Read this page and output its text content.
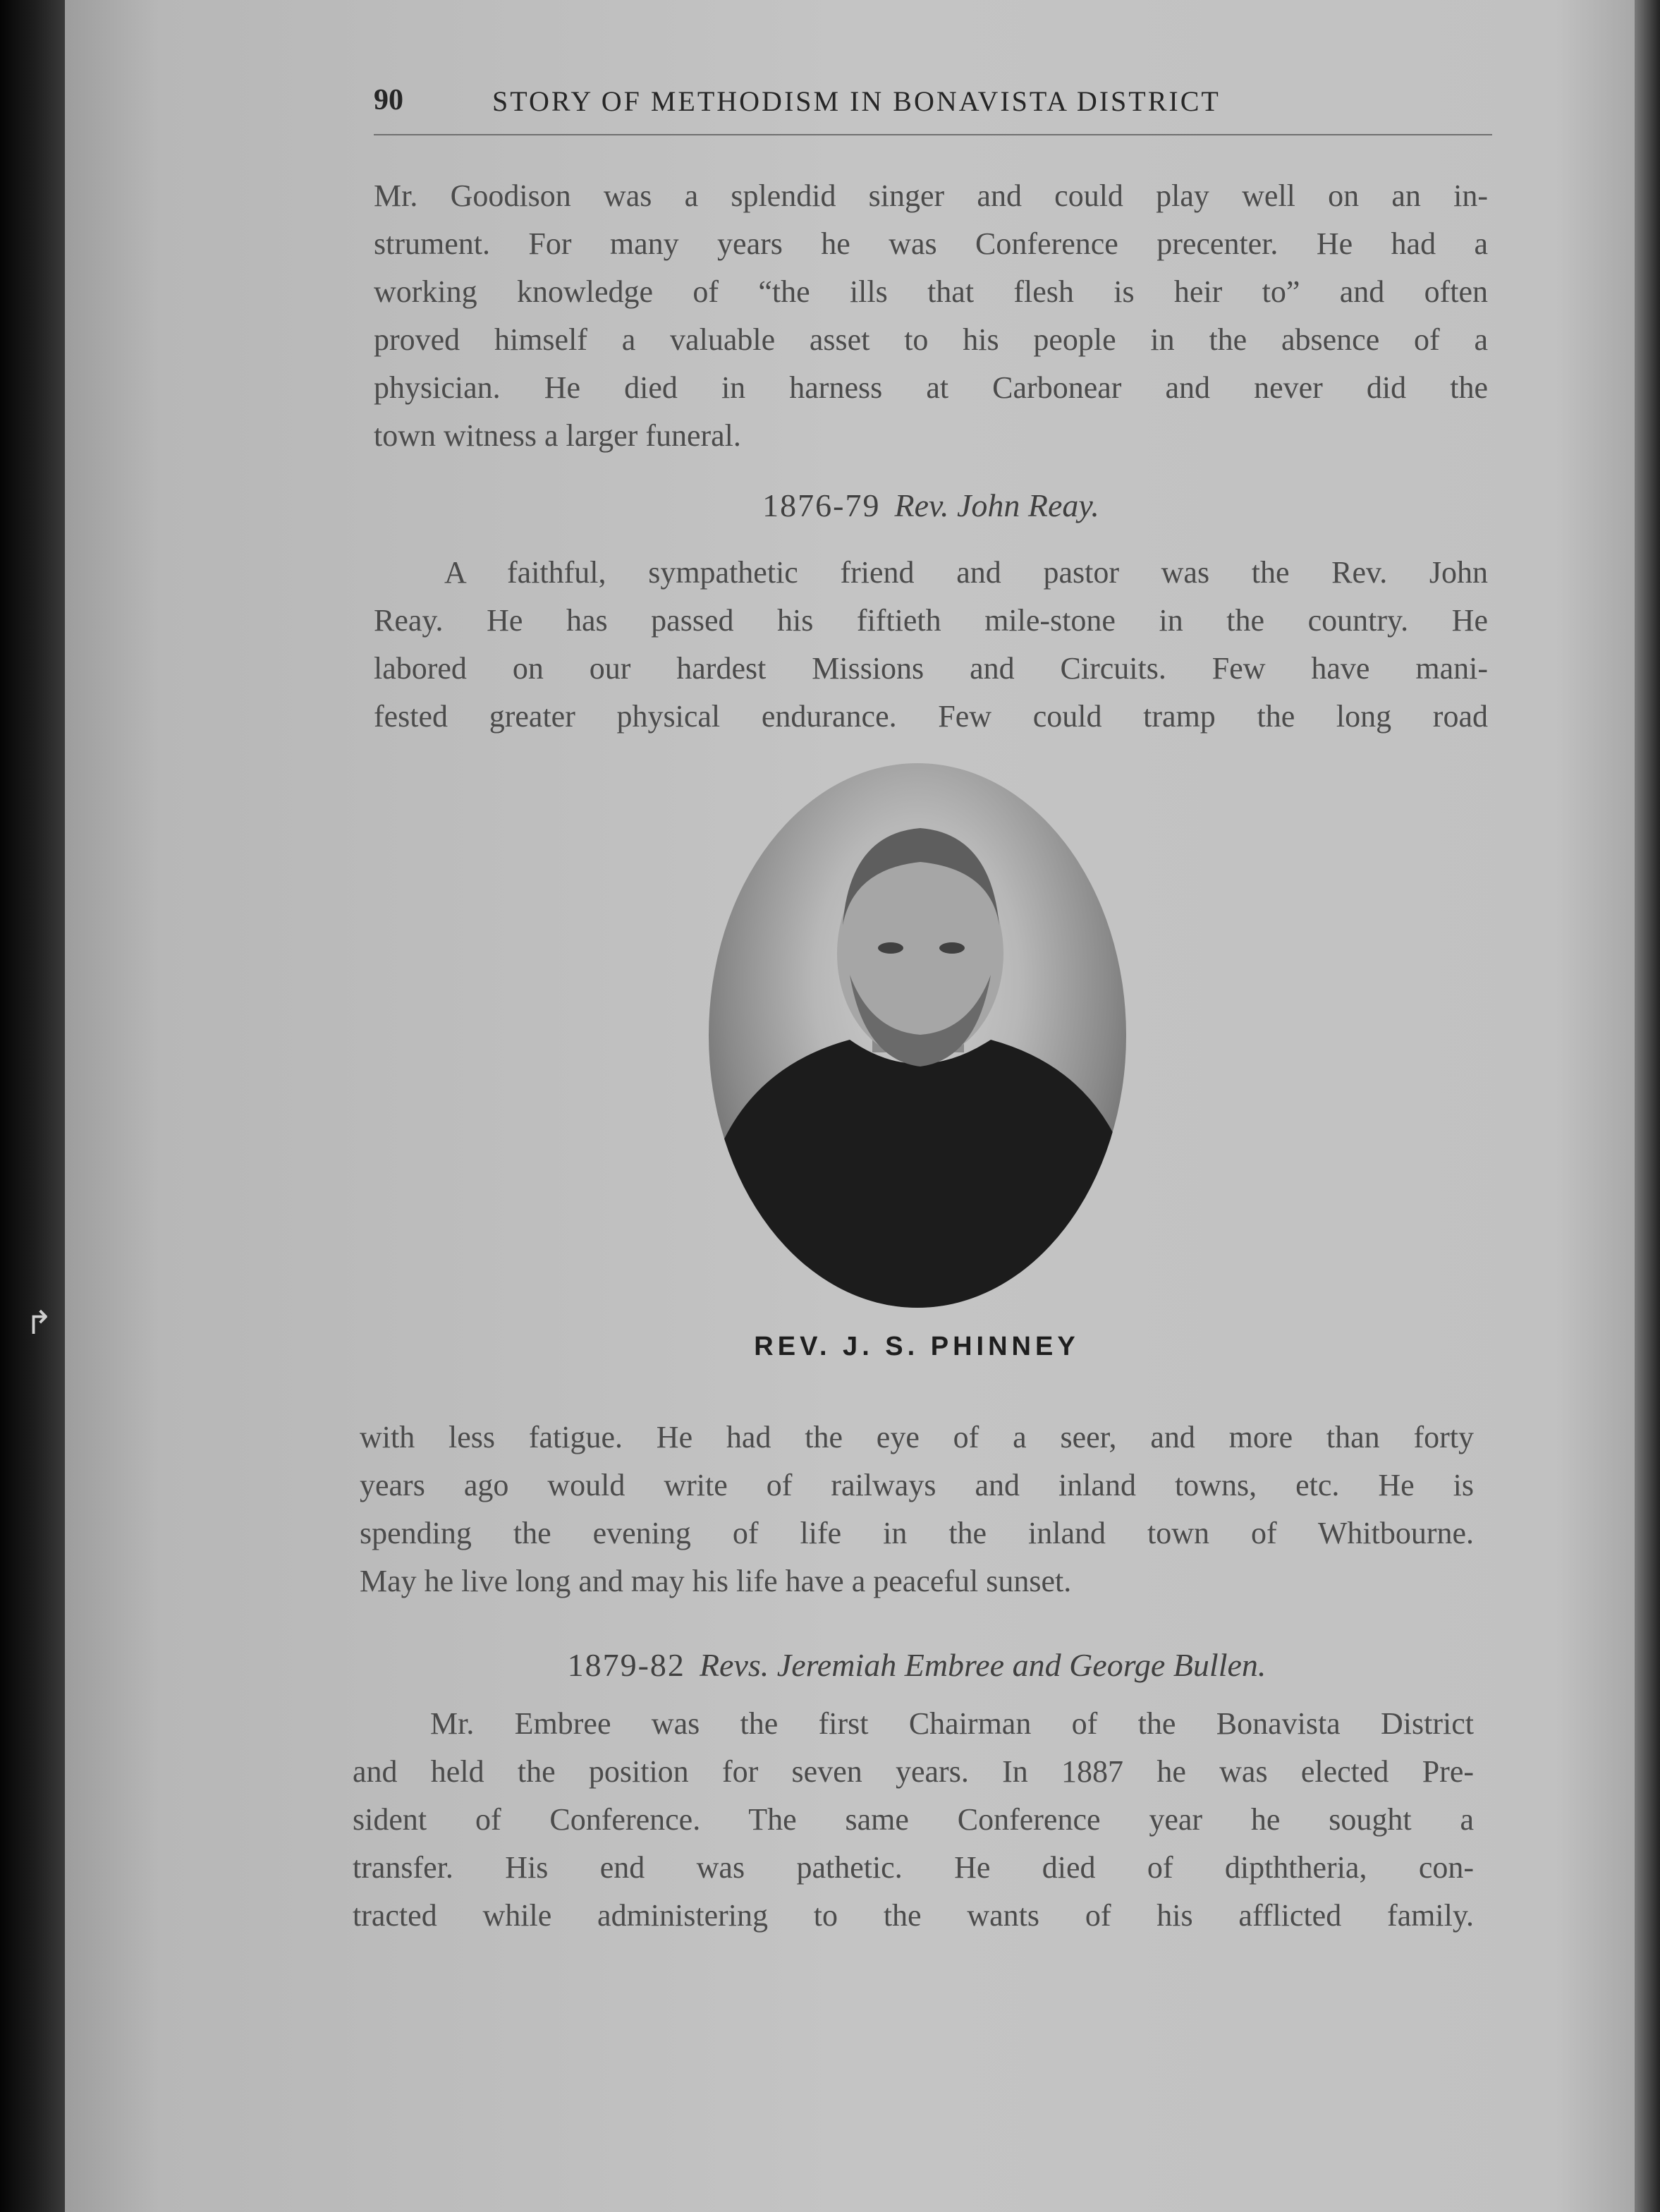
↱
90	STORY OF METHODISM IN BONAVISTA DISTRICT
Mr. Goodison was a splendid singer and could play well on an in-
strument. For many years he was Conference precenter. He had a
working knowledge of “the ills that flesh is heir to” and often
proved himself a valuable asset to his people in the absence of a
physician. He died in harness at Carbonear and never did the
town witness a larger funeral.

1876-79 Rev. John Reay.

A faithful, sympathetic friend and pastor was the Rev. John
Reay. He has passed his fiftieth mile-stone in the country. He
labored on our hardest Missions and Circuits. Few have mani-
fested greater physical endurance. Few could tramp the long road

REV. J. S. PHINNEY

with less fatigue. He had the eye of a seer, and more than forty
years ago would write of railways and inland towns, etc. He is
spending the evening of life in the inland town of Whitbourne.
May he live long and may his life have a peaceful sunset.

1879-82 Revs. Jeremiah Embree and George Bullen.

Mr. Embree was the first Chairman of the Bonavista District
and held the position for seven years. In 1887 he was elected Pre-
sident of Conference. The same Conference year he sought a
transfer. His end was pathetic. He died of dipththeria, con-
tracted while administering to the wants of his afflicted family.
